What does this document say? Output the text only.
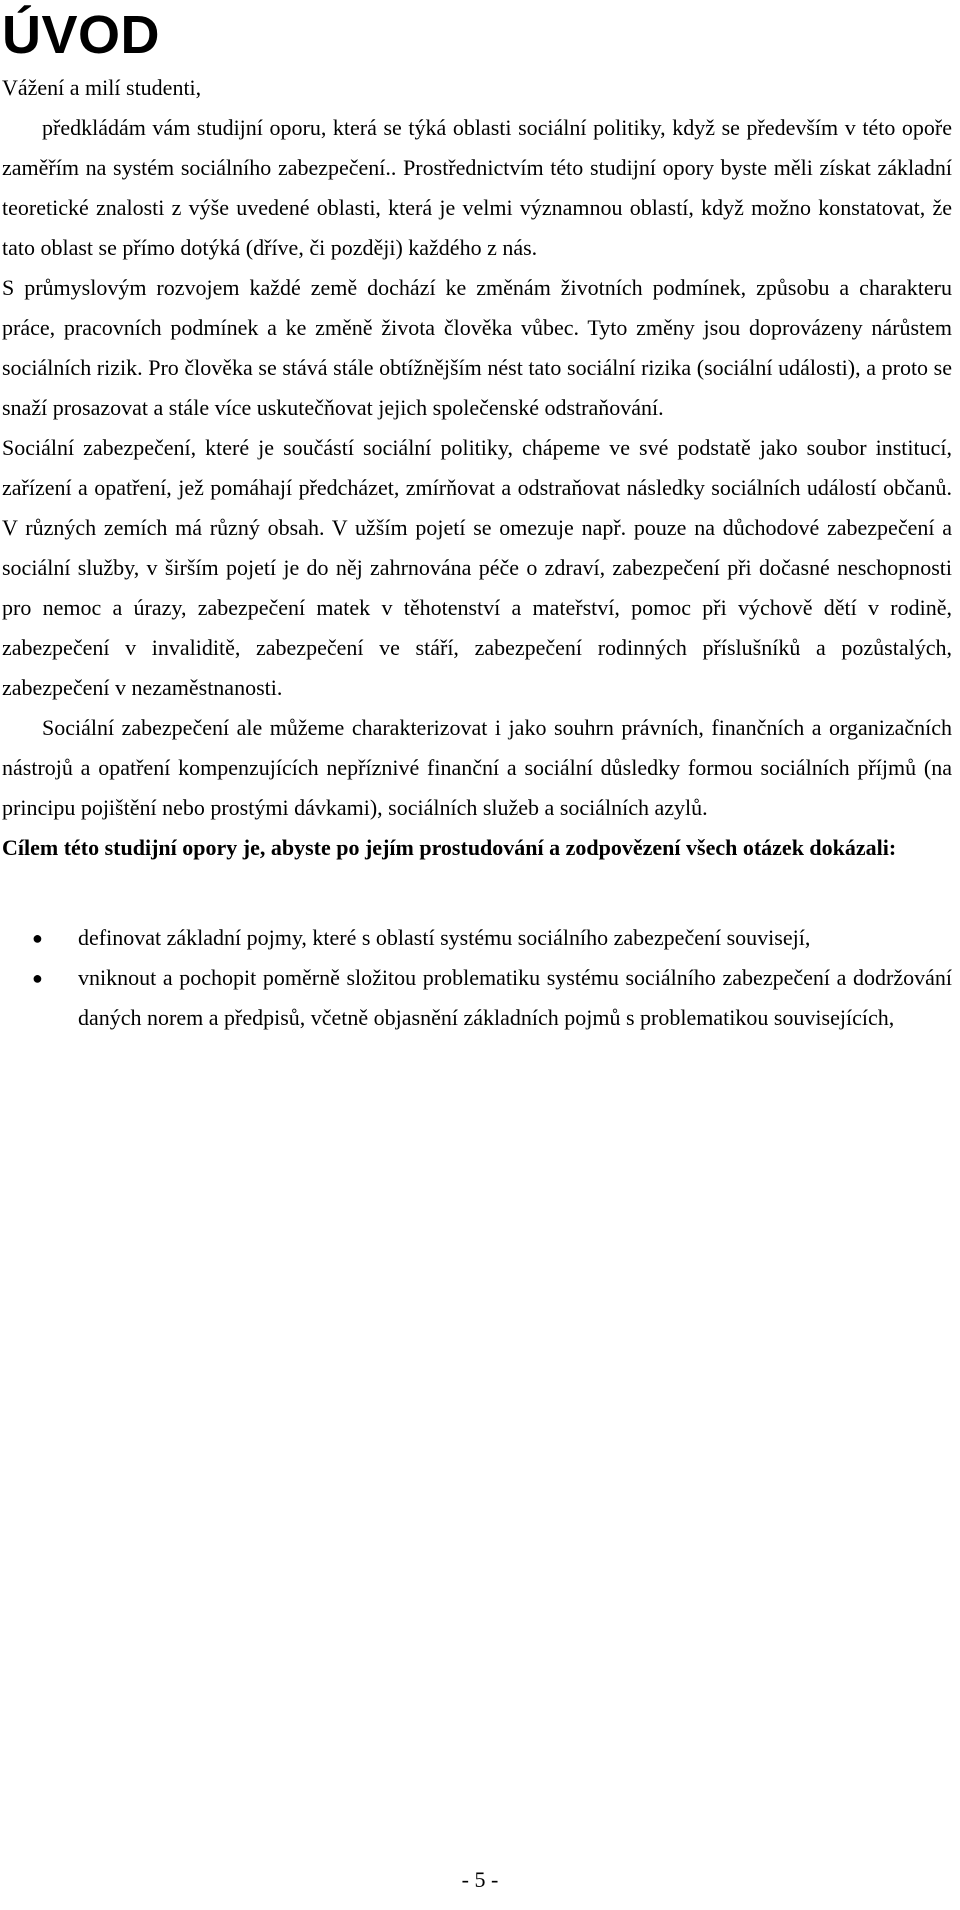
ÚVOD

Vážení a milí studenti,

předkládám vám studijní oporu, která se týká oblasti sociální politiky, když se především v této opoře zaměřím na systém sociálního zabezpečení.. Prostřednictvím této studijní opory byste měli získat základní teoretické znalosti z výše uvedené oblasti, která je velmi významnou oblastí, když možno konstatovat, že tato oblast se přímo dotýká (dříve, či později) každého z nás.

S průmyslovým rozvojem každé země dochází ke změnám životních podmínek, způsobu a charakteru práce, pracovních podmínek a ke změně života člověka vůbec. Tyto změny jsou doprovázeny nárůstem sociálních rizik. Pro člověka se stává stále obtížnějším nést tato sociální rizika (sociální události), a proto se snaží prosazovat a stále více uskutečňovat jejich společenské odstraňování.

Sociální zabezpečení, které je součástí sociální politiky, chápeme ve své podstatě jako soubor institucí, zařízení a opatření, jež pomáhají předcházet, zmírňovat a odstraňovat následky sociálních událostí občanů. V různých zemích má různý obsah. V užším pojetí se omezuje např. pouze na důchodové zabezpečení a sociální služby, v širším pojetí je do něj zahrnována péče o zdraví, zabezpečení při dočasné neschopnosti pro nemoc a úrazy, zabezpečení matek v těhotenství a mateřství, pomoc při výchově dětí v rodině, zabezpečení v invaliditě, zabezpečení ve stáří, zabezpečení rodinných příslušníků a pozůstalých, zabezpečení v nezaměstnanosti.

Sociální zabezpečení ale můžeme charakterizovat i jako souhrn právních, finančních a organizačních nástrojů a opatření kompenzujících nepříznivé finanční a sociální důsledky formou sociálních příjmů (na principu pojištění nebo prostými dávkami), sociálních služeb a sociálních azylů.

Cílem této studijní opory je, abyste po jejím prostudování a zodpovězení všech otázek dokázali:

● definovat základní pojmy, které s oblastí systému sociálního zabezpečení souvisejí,
● vniknout a pochopit poměrně složitou problematiku systému sociálního zabezpečení a dodržování daných norem a předpisů, včetně objasnění základních pojmů s problematikou souvisejících,
- 5 -
